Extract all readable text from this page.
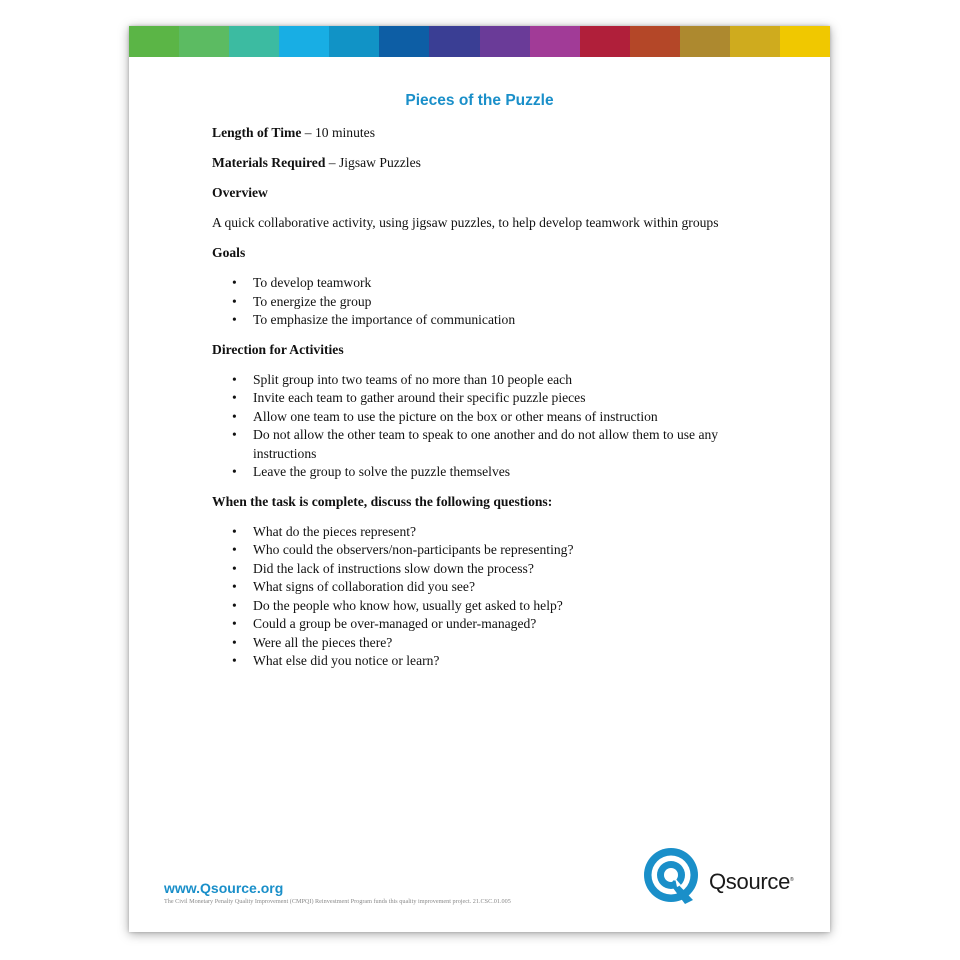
Pieces of the Puzzle

Length of Time – 10 minutes

Materials Required – Jigsaw Puzzles

Overview

A quick collaborative activity, using jigsaw puzzles, to help develop teamwork within groups

Goals

• To develop teamwork
• To energize the group
• To emphasize the importance of communication

Direction for Activities

• Split group into two teams of no more than 10 people each
• Invite each team to gather around their specific puzzle pieces
• Allow one team to use the picture on the box or other means of instruction
• Do not allow the other team to speak to one another and do not allow them to use any instructions
• Leave the group to solve the puzzle themselves

When the task is complete, discuss the following questions:

• What do the pieces represent?
• Who could the observers/non-participants be representing?
• Did the lack of instructions slow down the process?
• What signs of collaboration did you see?
• Do the people who know how, usually get asked to help?
• Could a group be over-managed or under-managed?
• Were all the pieces there?
• What else did you notice or learn?
www.Qsource.org
The Civil Monetary Penalty Quality Improvement (CMPQI) Reinvestment Program funds this quality improvement project. 21.CSC.01.005
Qsource ®
